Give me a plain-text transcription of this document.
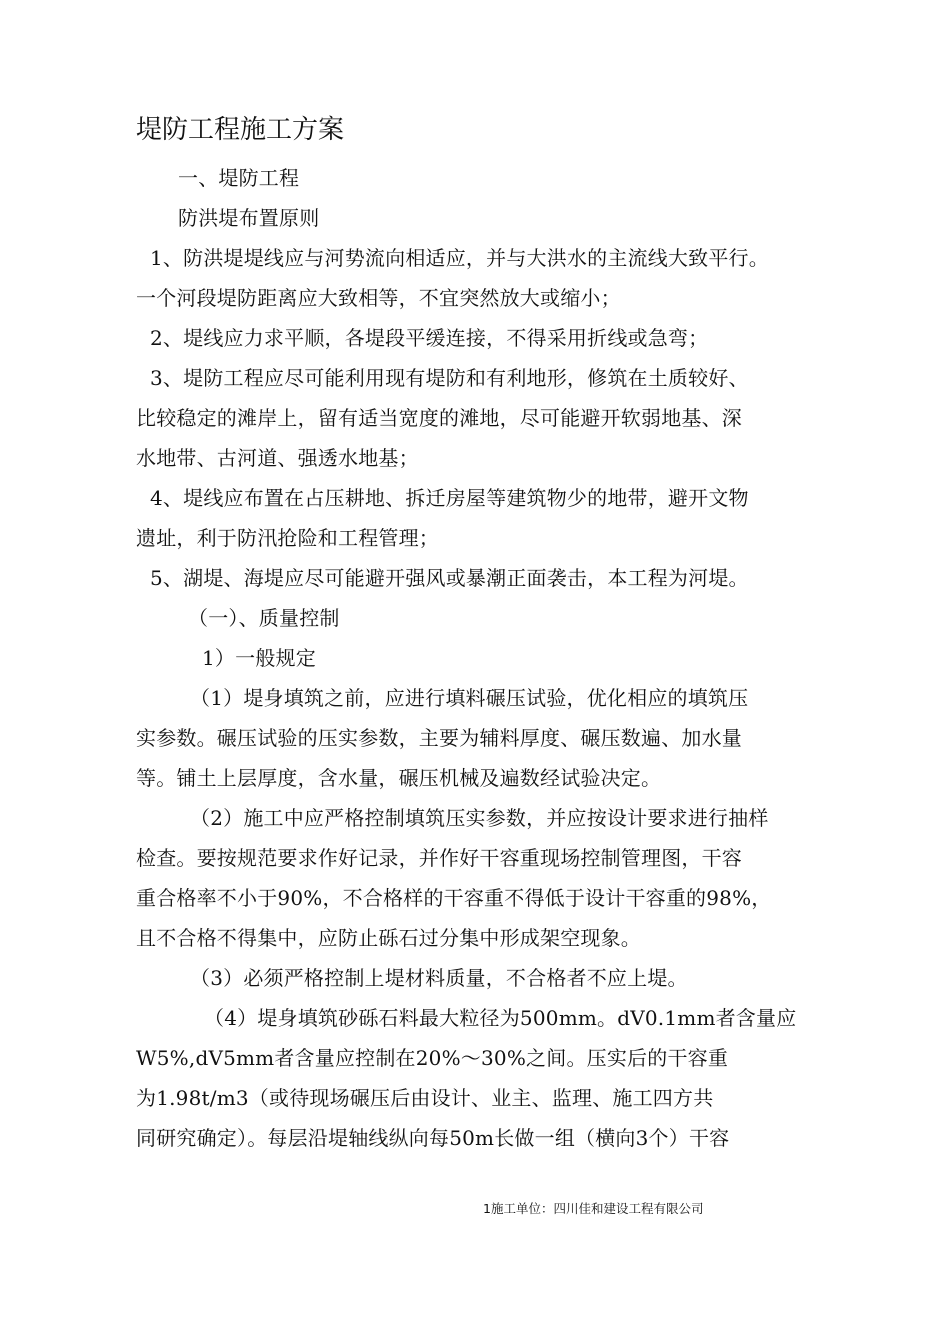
堤防工程施工方案
一、堤防工程
防洪堤布置原则
1、防洪堤堤线应与河势流向相适应，并与大洪水的主流线大致平行。
一个河段堤防距离应大致相等，不宜突然放大或缩小；
2、堤线应力求平顺，各堤段平缓连接，不得采用折线或急弯；
3、堤防工程应尽可能利用现有堤防和有利地形，修筑在土质较好、
比较稳定的滩岸上，留有适当宽度的滩地，尽可能避开软弱地基、深
水地带、古河道、强透水地基；
4、堤线应布置在占压耕地、拆迁房屋等建筑物少的地带，避开文物
遗址，利于防汛抢险和工程管理；
5、湖堤、海堤应尽可能避开强风或暴潮正面袭击，本工程为河堤。
（一）、质量控制
1）一般规定
（1）堤身填筑之前，应进行填料碾压试验，优化相应的填筑压
实参数。碾压试验的压实参数，主要为辅料厚度、碾压数遍、加水量
等。铺土上层厚度，含水量，碾压机械及遍数经试验决定。
（2）施工中应严格控制填筑压实参数，并应按设计要求进行抽样
检查。要按规范要求作好记录，并作好干容重现场控制管理图，干容
重合格率不小于90%，不合格样的干容重不得低于设计干容重的98%，
且不合格不得集中，应防止砾石过分集中形成架空现象。
（3）必须严格控制上堤材料质量，不合格者不应上堤。
（4）堤身填筑砂砾石料最大粒径为500mm。dV0.1mm者含量应
W5%,dV5mm者含量应控制在20%〜30%之间。压实后的干容重
为1.98t/m3（或待现场碾压后由设计、业主、监理、施工四方共
同研究确定）。每层沿堤轴线纵向每50m长做一组（横向3个）干容
1施工单位：四川佳和建设工程有限公司
